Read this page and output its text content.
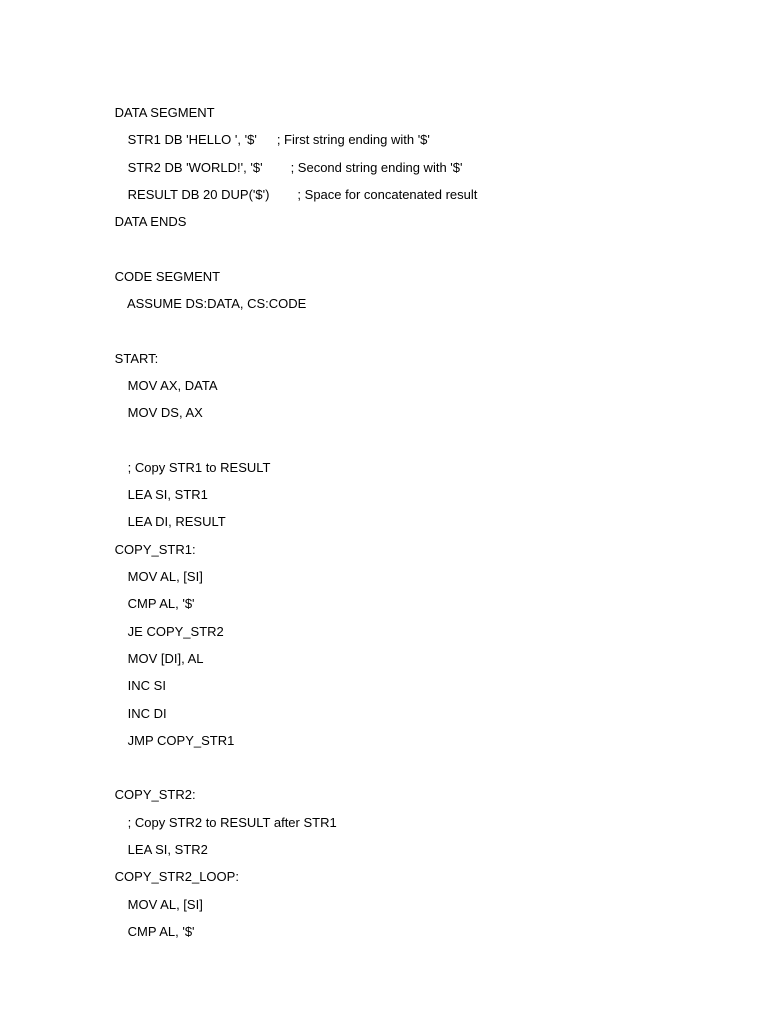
DATA SEGMENT

STR1 DB 'HELLO ', '$' ; First string ending with '$'

STR2 DB 'WORLD!', '$' ; Second string ending with '$'

RESULT DB 20 DUP('$') ; Space for concatenated result

DATA ENDS

CODE SEGMENT

ASSUME DS:DATA, CS:CODE

START:

MOV AX, DATA

MOV DS, AX

; Copy STR1 to RESULT

LEA SI, STR1

LEA DI, RESULT

COPY_STR1:

MOV AL, [SI]

CMP AL, '$'

JE COPY_STR2

MOV [DI], AL

INC SI

INC DI

JMP COPY_STR1

COPY_STR2:

; Copy STR2 to RESULT after STR1

LEA SI, STR2

COPY_STR2_LOOP:

MOV AL, [SI]

CMP AL, '$'
